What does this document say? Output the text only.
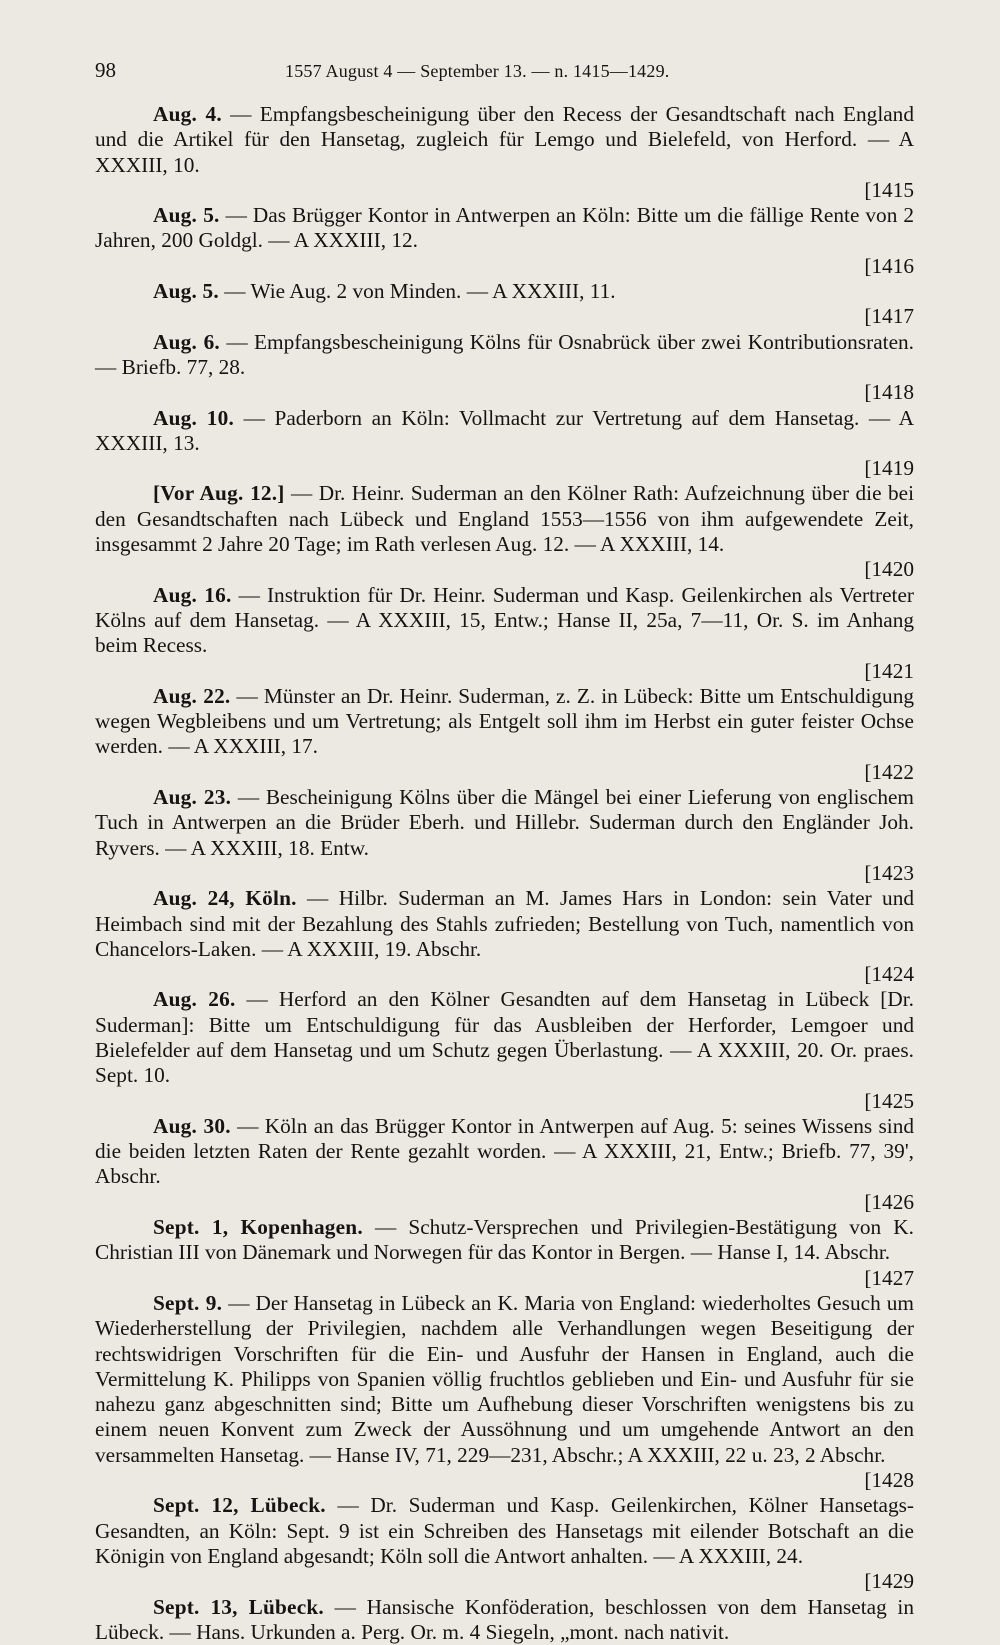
98	1557 August 4 — September 13. — n. 1415—1429.

Aug. 4. — Empfangsbescheinigung über den Recess der Gesandtschaft nach England und die Artikel für den Hansetag, zugleich für Lemgo und Bielefeld, von Herford. — A XXXIII, 10.

[1415

Aug. 5. — Das Brügger Kontor in Antwerpen an Köln: Bitte um die fällige Rente von 2 Jahren, 200 Goldgl. — A XXXIII, 12.

[1416

Aug. 5. — Wie Aug. 2 von Minden. — A XXXIII, 11.

[1417

Aug. 6. — Empfangsbescheinigung Kölns für Osnabrück über zwei Kontributionsraten. — Briefb. 77, 28.

[1418

Aug. 10. — Paderborn an Köln: Vollmacht zur Vertretung auf dem Hansetag. — A XXXIII, 13.

[1419

[Vor Aug. 12.] — Dr. Heinr. Suderman an den Kölner Rath: Aufzeichnung über die bei den Gesandtschaften nach Lübeck und England 1553—1556 von ihm aufgewendete Zeit, insgesammt 2 Jahre 20 Tage; im Rath verlesen Aug. 12. — A XXXIII, 14.

[1420

Aug. 16. — Instruktion für Dr. Heinr. Suderman und Kasp. Geilenkirchen als Vertreter Kölns auf dem Hansetag. — A XXXIII, 15, Entw.; Hanse II, 25a, 7—11, Or. S. im Anhang beim Recess.

[1421

Aug. 22. — Münster an Dr. Heinr. Suderman, z. Z. in Lübeck: Bitte um Entschuldigung wegen Wegbleibens und um Vertretung; als Entgelt soll ihm im Herbst ein guter feister Ochse werden. — A XXXIII, 17.

[1422

Aug. 23. — Bescheinigung Kölns über die Mängel bei einer Lieferung von englischem Tuch in Antwerpen an die Brüder Eberh. und Hillebr. Suderman durch den Engländer Joh. Ryvers. — A XXXIII, 18. Entw.

[1423

Aug. 24, Köln. — Hilbr. Suderman an M. James Hars in London: sein Vater und Heimbach sind mit der Bezahlung des Stahls zufrieden; Bestellung von Tuch, namentlich von Chancelors-Laken. — A XXXIII, 19. Abschr.

[1424

Aug. 26. — Herford an den Kölner Gesandten auf dem Hansetag in Lübeck [Dr. Suderman]: Bitte um Entschuldigung für das Ausbleiben der Herforder, Lemgoer und Bielefelder auf dem Hansetag und um Schutz gegen Überlastung. — A XXXIII, 20. Or. praes. Sept. 10.

[1425

Aug. 30. — Köln an das Brügger Kontor in Antwerpen auf Aug. 5: seines Wissens sind die beiden letzten Raten der Rente gezahlt worden. — A XXXIII, 21, Entw.; Briefb. 77, 39', Abschr.

[1426

Sept. 1, Kopenhagen. — Schutz-Versprechen und Privilegien-Bestätigung von K. Christian III von Dänemark und Norwegen für das Kontor in Bergen. — Hanse I, 14. Abschr.

[1427

Sept. 9. — Der Hansetag in Lübeck an K. Maria von England: wiederholtes Gesuch um Wiederherstellung der Privilegien, nachdem alle Verhandlungen wegen Beseitigung der rechtswidrigen Vorschriften für die Ein- und Ausfuhr der Hansen in England, auch die Vermittelung K. Philipps von Spanien völlig fruchtlos geblieben und Ein- und Ausfuhr für sie nahezu ganz abgeschnitten sind; Bitte um Aufhebung dieser Vorschriften wenigstens bis zu einem neuen Konvent zum Zweck der Aussöhnung und um umgehende Antwort an den versammelten Hansetag. — Hanse IV, 71, 229—231, Abschr.; A XXXIII, 22 u. 23, 2 Abschr.

[1428

Sept. 12, Lübeck. — Dr. Suderman und Kasp. Geilenkirchen, Kölner Hansetags-Gesandten, an Köln: Sept. 9 ist ein Schreiben des Hansetags mit eilender Botschaft an die Königin von England abgesandt; Köln soll die Antwort anhalten. — A XXXIII, 24.

[1429

Sept. 13, Lübeck. — Hansische Konföderation, beschlossen von dem Hansetag in Lübeck. — Hans. Urkunden a. Perg. Or. m. 4 Siegeln, „mont. nach nativit.
